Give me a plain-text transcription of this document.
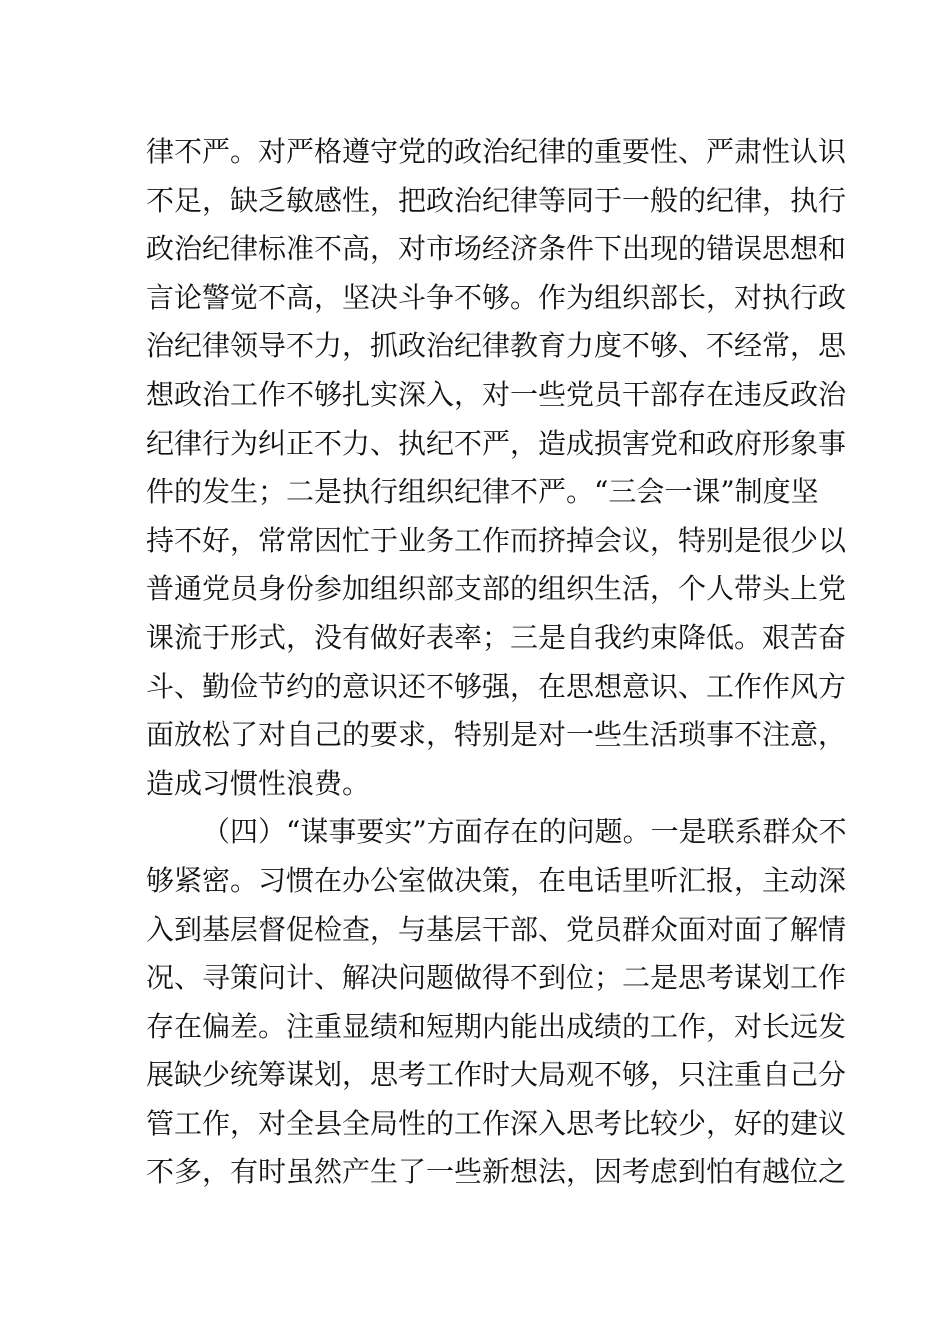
律不严。对严格遵守党的政治纪律的重要性、严肃性认识
不足，缺乏敏感性，把政治纪律等同于一般的纪律，执行
政治纪律标准不高，对市场经济条件下出现的错误思想和
言论警觉不高，坚决斗争不够。作为组织部长，对执行政
治纪律领导不力，抓政治纪律教育力度不够、不经常，思
想政治工作不够扎实深入，对一些党员干部存在违反政治
纪律行为纠正不力、执纪不严，造成损害党和政府形象事
件的发生；二是执行组织纪律不严。“三会一课”制度坚
持不好，常常因忙于业务工作而挤掉会议，特别是很少以
普通党员身份参加组织部支部的组织生活，个人带头上党
课流于形式，没有做好表率；三是自我约束降低。艰苦奋
斗、勤俭节约的意识还不够强，在思想意识、工作作风方
面放松了对自己的要求，特别是对一些生活琐事不注意，
造成习惯性浪费。
（四）“谋事要实”方面存在的问题。一是联系群众不
够紧密。习惯在办公室做决策，在电话里听汇报，主动深
入到基层督促检查，与基层干部、党员群众面对面了解情
况、寻策问计、解决问题做得不到位；二是思考谋划工作
存在偏差。注重显绩和短期内能出成绩的工作，对长远发
展缺少统筹谋划，思考工作时大局观不够，只注重自己分
管工作，对全县全局性的工作深入思考比较少，好的建议
不多，有时虽然产生了一些新想法，因考虑到怕有越位之
